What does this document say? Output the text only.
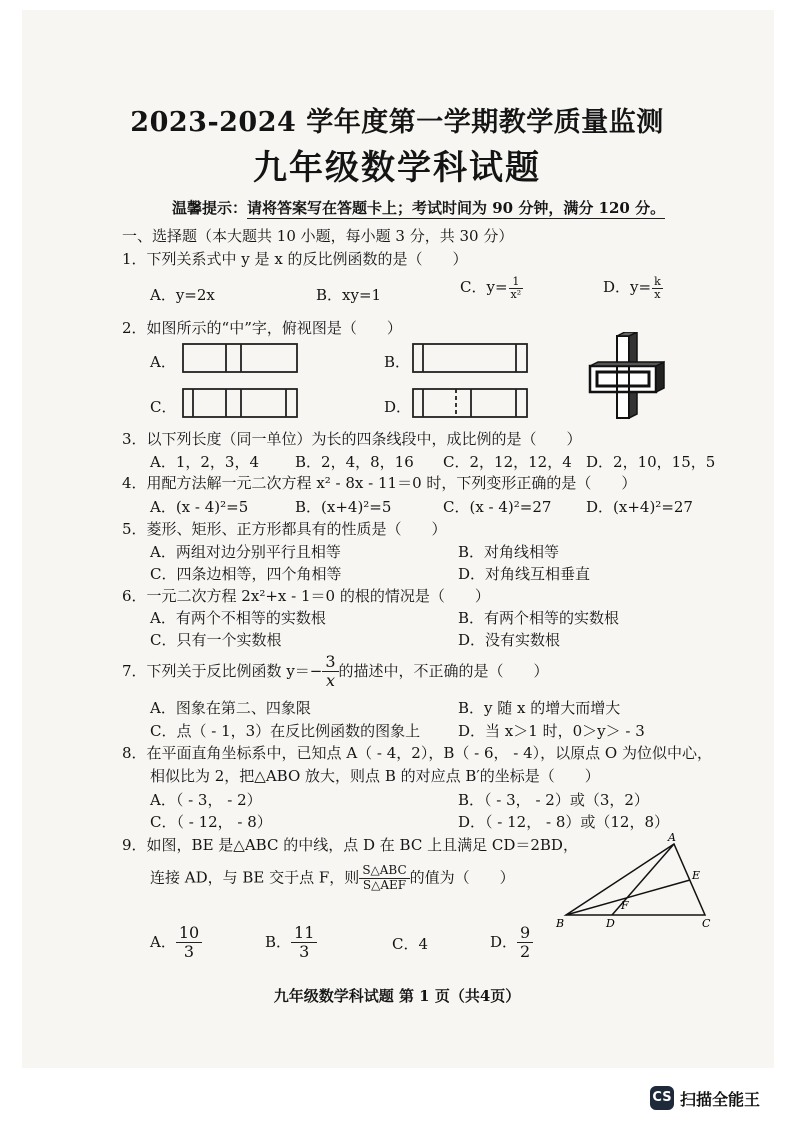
2023-2024 学年度第一学期教学质量监测
九年级数学科试题
温馨提示：请将答案写在答题卡上；考试时间为 90 分钟，满分 120 分。
一、选择题（本大题共 10 小题，每小题 3 分，共 30 分）
1．下列关系式中 y 是 x 的反比例函数的是（　　）
A．y=2x	B．xy=1	C．$y= \frac{1}{\text{x²}}$	D．$y= \frac{k}{x}$
2．如图所示的“中”字，俯视图是（　　）
A．	B．
C．	D．
3．以下列长度（同一单位）为长的四条线段中，成比例的是（　　）
A．1，2，3，4 B．2，4，8，16 C．2，12，12，4 D．2，10，15，5
4．用配方法解一元二次方程 x² - 8x - 11＝0 时，下列变形正确的是（　　）
A．(x - 4)²=5	B．(x+4)²=5	C．(x - 4)²=27 D．(x+4)²=27
5．菱形、矩形、正方形都具有的性质是（　　）
A．两组对边分别平行且相等	B．对角线相等
C．四条边相等，四个角相等	D．对角线互相垂直
6．一元二次方程 2x²+x - 1＝0 的根的情况是（　　）
A．有两个不相等的实数根	B．有两个相等的实数根
C．只有一个实数根	D．没有实数根
7．下列关于反比例函数 $y=- \frac{3}{x}$ 的描述中，不正确的是（　　）
A．图象在第二、四象限	B．y 随 x 的增大而增大
C．点（ - 1，3）在反比例函数的图象上	D．当 x＞1 时，0＞y＞ - 3
8．在平面直角坐标系中，已知点 A（ - 4，2），B（ - 6， - 4），以原点 O 为位似中心，
相似比为 2，把△ABO 放大，则点 B 的对应点 B′的坐标是（　　）
A．（ - 3， - 2）	B．（ - 3， - 2）或（3，2）
C．（ - 12， - 8）	D．（ - 12， - 8）或（12，8）
9．如图，BE 是△ABC 的中线，点 D 在 BC 上且满足 CD＝2BD，
连接 AD，与 BE 交于点 F，则 S△ABC
S△AEF 的值为（　　）
A． $\frac{10}{3}$	B． $\frac{11}{3}$	C．4	D． $\frac{9}{2}$
A
E
F
B	D	C
九年级数学科试题 第 1 页（共4页）
CS 扫描全能王
